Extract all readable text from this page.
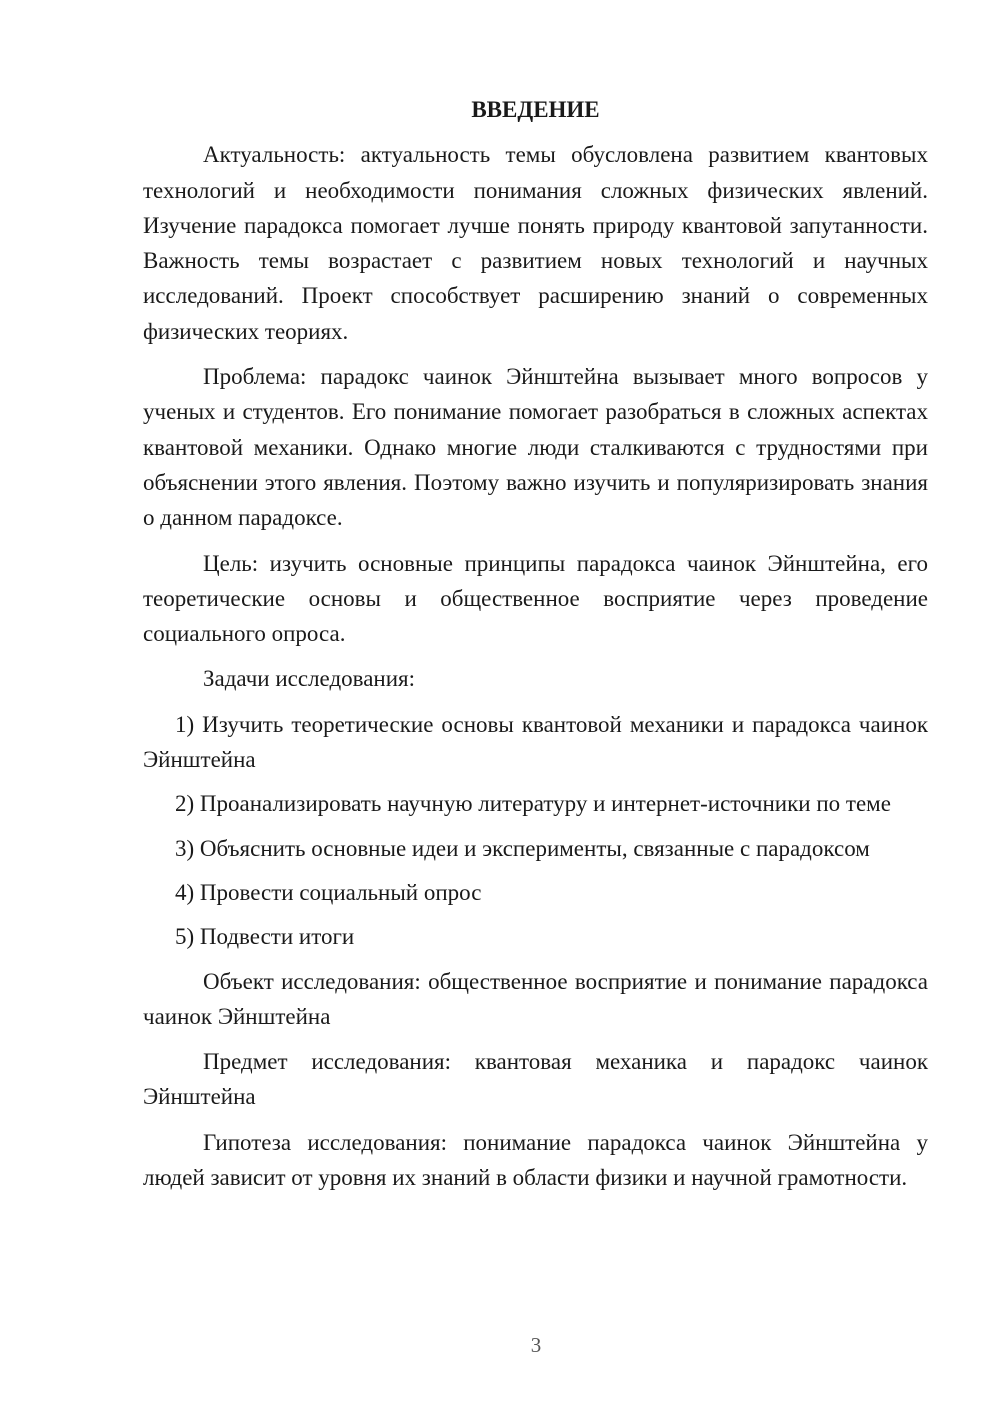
ВВЕДЕНИЕ

Актуальность: актуальность темы обусловлена развитием квантовых технологий и необходимости понимания сложных физических явлений. Изучение парадокса помогает лучше понять природу квантовой запутанности. Важность темы возрастает с развитием новых технологий и научных исследований. Проект способствует расширению знаний о современных физических теориях.

Проблема: парадокс чаинок Эйнштейна вызывает много вопросов у ученых и студентов. Его понимание помогает разобраться в сложных аспектах квантовой механики. Однако многие люди сталкиваются с трудностями при объяснении этого явления. Поэтому важно изучить и популяризировать знания о данном парадоксе.

Цель: изучить основные принципы парадокса чаинок Эйнштейна, его теоретические основы и общественное восприятие через проведение социального опроса.

Задачи исследования:

1) Изучить теоретические основы квантовой механики и парадокса чаинок Эйнштейна

2) Проанализировать научную литературу и интернет-источники по теме

3) Объяснить основные идеи и эксперименты, связанные с парадоксом

4) Провести социальный опрос

5) Подвести итоги

Объект исследования: общественное восприятие и понимание парадокса чаинок Эйнштейна

Предмет исследования: квантовая механика и парадокс чаинок Эйнштейна

Гипотеза исследования: понимание парадокса чаинок Эйнштейна у людей зависит от уровня их знаний в области физики и научной грамотности.

3
